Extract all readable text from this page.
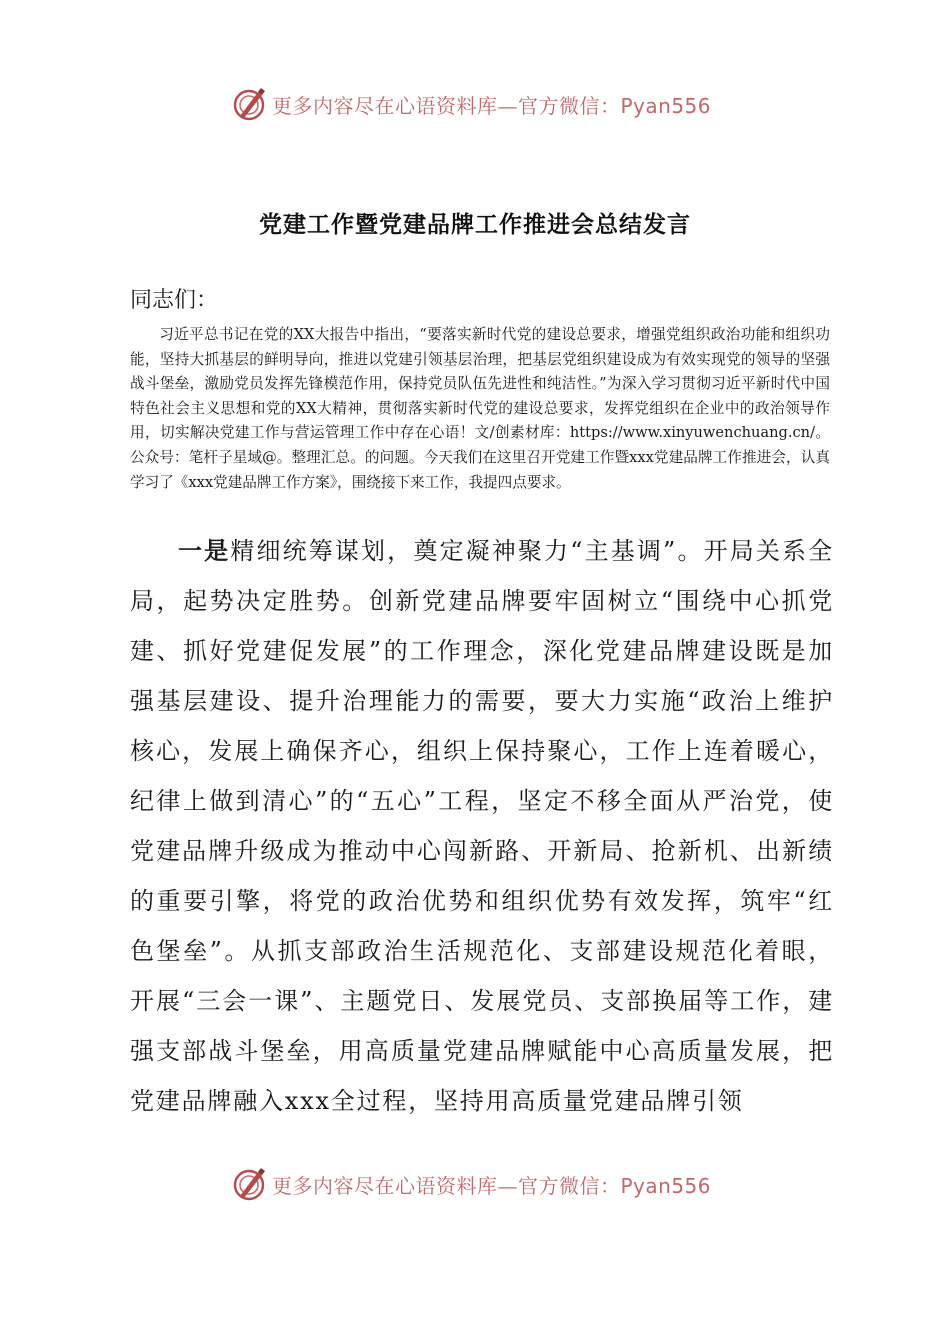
更多内容尽在心语资料库—官方微信：Pyan556
党建工作暨党建品牌工作推进会总结发言

同志们：

习近平总书记在党的XX大报告中指出，“要落实新时代党的建设总要求，增强党组织政治功能和组织功能，坚持大抓基层的鲜明导向，推进以党建引领基层治理，把基层党组织建设成为有效实现党的领导的坚强战斗堡垒，激励党员发挥先锋模范作用，保持党员队伍先进性和纯洁性。”为深入学习贯彻习近平新时代中国特色社会主义思想和党的XX大精神，贯彻落实新时代党的建设总要求，发挥党组织在企业中的政治领导作用，切实解决党建工作与营运管理工作中存在心语！文/创素材库：https://www.xinyuwenchuang.cn/。公众号：笔杆子星域@。整理汇总。的问题。今天我们在这里召开党建工作暨xxx党建品牌工作推进会，认真学习了《xxx党建品牌工作方案》，围绕接下来工作，我提四点要求。

一是精细统筹谋划，奠定凝神聚力“主基调”。开局关系全局，起势决定胜势。创新党建品牌要牢固树立“围绕中心抓党建、抓好党建促发展”的工作理念，深化党建品牌建设既是加强基层建设、提升治理能力的需要，要大力实施“政治上维护核心，发展上确保齐心，组织上保持聚心，工作上连着暖心，纪律上做到清心”的“五心”工程，坚定不移全面从严治党，使党建品牌升级成为推动中心闯新路、开新局、抢新机、出新绩的重要引擎，将党的政治优势和组织优势有效发挥，筑牢“红色堡垒”。从抓支部政治生活规范化、支部建设规范化着眼，开展“三会一课”、主题党日、发展党员、支部换届等工作，建强支部战斗堡垒，用高质量党建品牌赋能中心高质量发展，把党建品牌融入xxx全过程，坚持用高质量党建品牌引领

更多内容尽在心语资料库—官方微信：Pyan556
